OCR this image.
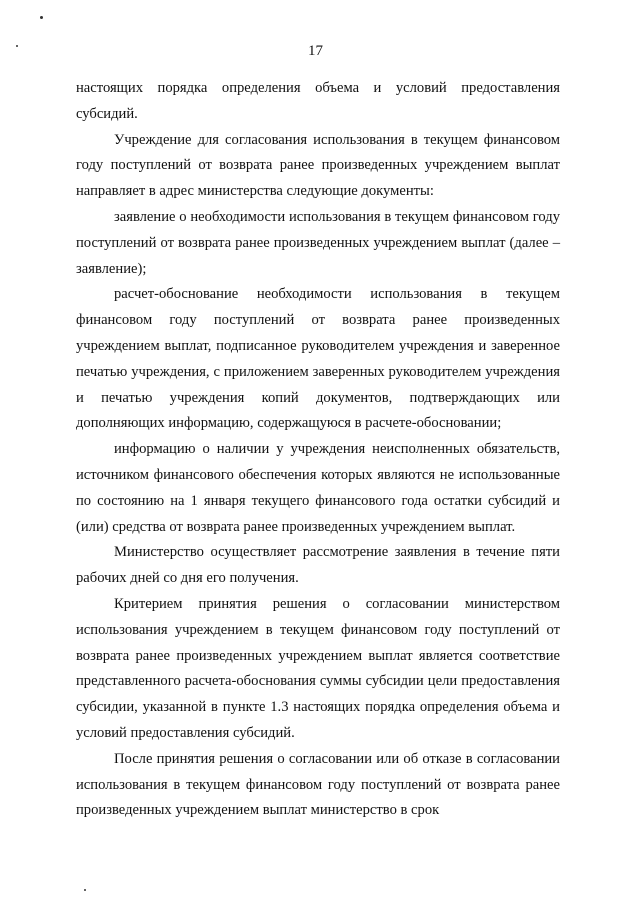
17

настоящих порядка определения объема и условий предоставления субсидий.

Учреждение для согласования использования в текущем финансовом году поступлений от возврата ранее произведенных учреждением выплат направляет в адрес министерства следующие документы:

заявление о необходимости использования в текущем финансовом году поступлений от возврата ранее произведенных учреждением выплат (далее – заявление);

расчет-обоснование необходимости использования в текущем финансовом году поступлений от возврата ранее произведенных учреждением выплат, подписанное руководителем учреждения и заверенное печатью учреждения, с приложением заверенных руководителем учреждения и печатью учреждения копий документов, подтверждающих или дополняющих информацию, содержащуюся в расчете-обосновании;

информацию о наличии у учреждения неисполненных обязательств, источником финансового обеспечения которых являются не использованные по состоянию на 1 января текущего финансового года остатки субсидий и (или) средства от возврата ранее произведенных учреждением выплат.

Министерство осуществляет рассмотрение заявления в течение пяти рабочих дней со дня его получения.

Критерием принятия решения о согласовании министерством использования учреждением в текущем финансовом году поступлений от возврата ранее произведенных учреждением выплат является соответствие представленного расчета-обоснования суммы субсидии цели предоставления субсидии, указанной в пункте 1.3 настоящих порядка определения объема и условий предоставления субсидий.

После принятия решения о согласовании или об отказе в согласовании использования в текущем финансовом году поступлений от возврата ранее произведенных учреждением выплат министерство в срок
